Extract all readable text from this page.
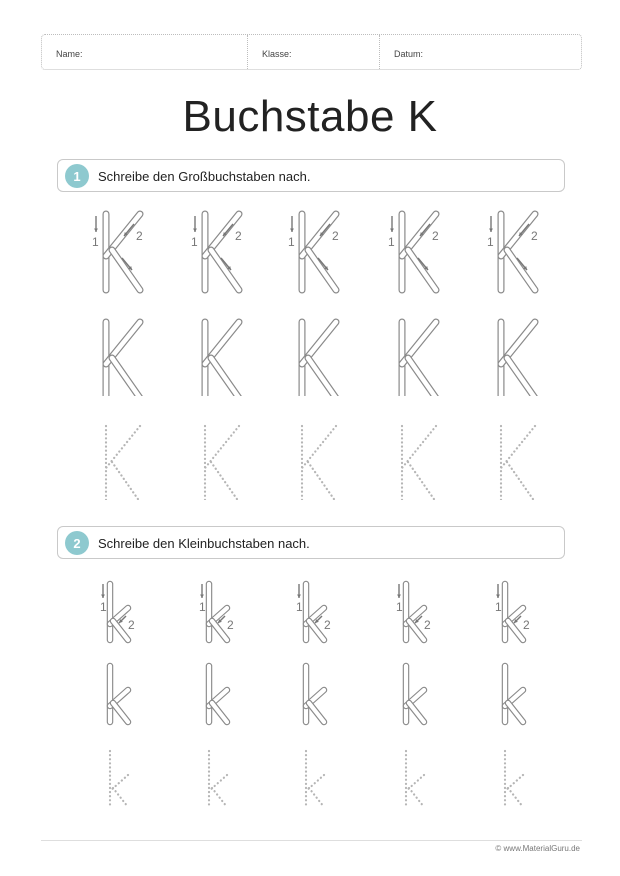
Name:	Klasse:	Datum:
Buchstabe K
1	Schreibe den Großbuchstaben nach.
1	2	1	2	1	2	1	2	1	2
2	Schreibe den Kleinbuchstaben nach.
1
2
1
2
1
2
1
2
1
2
© www.MaterialGuru.de
